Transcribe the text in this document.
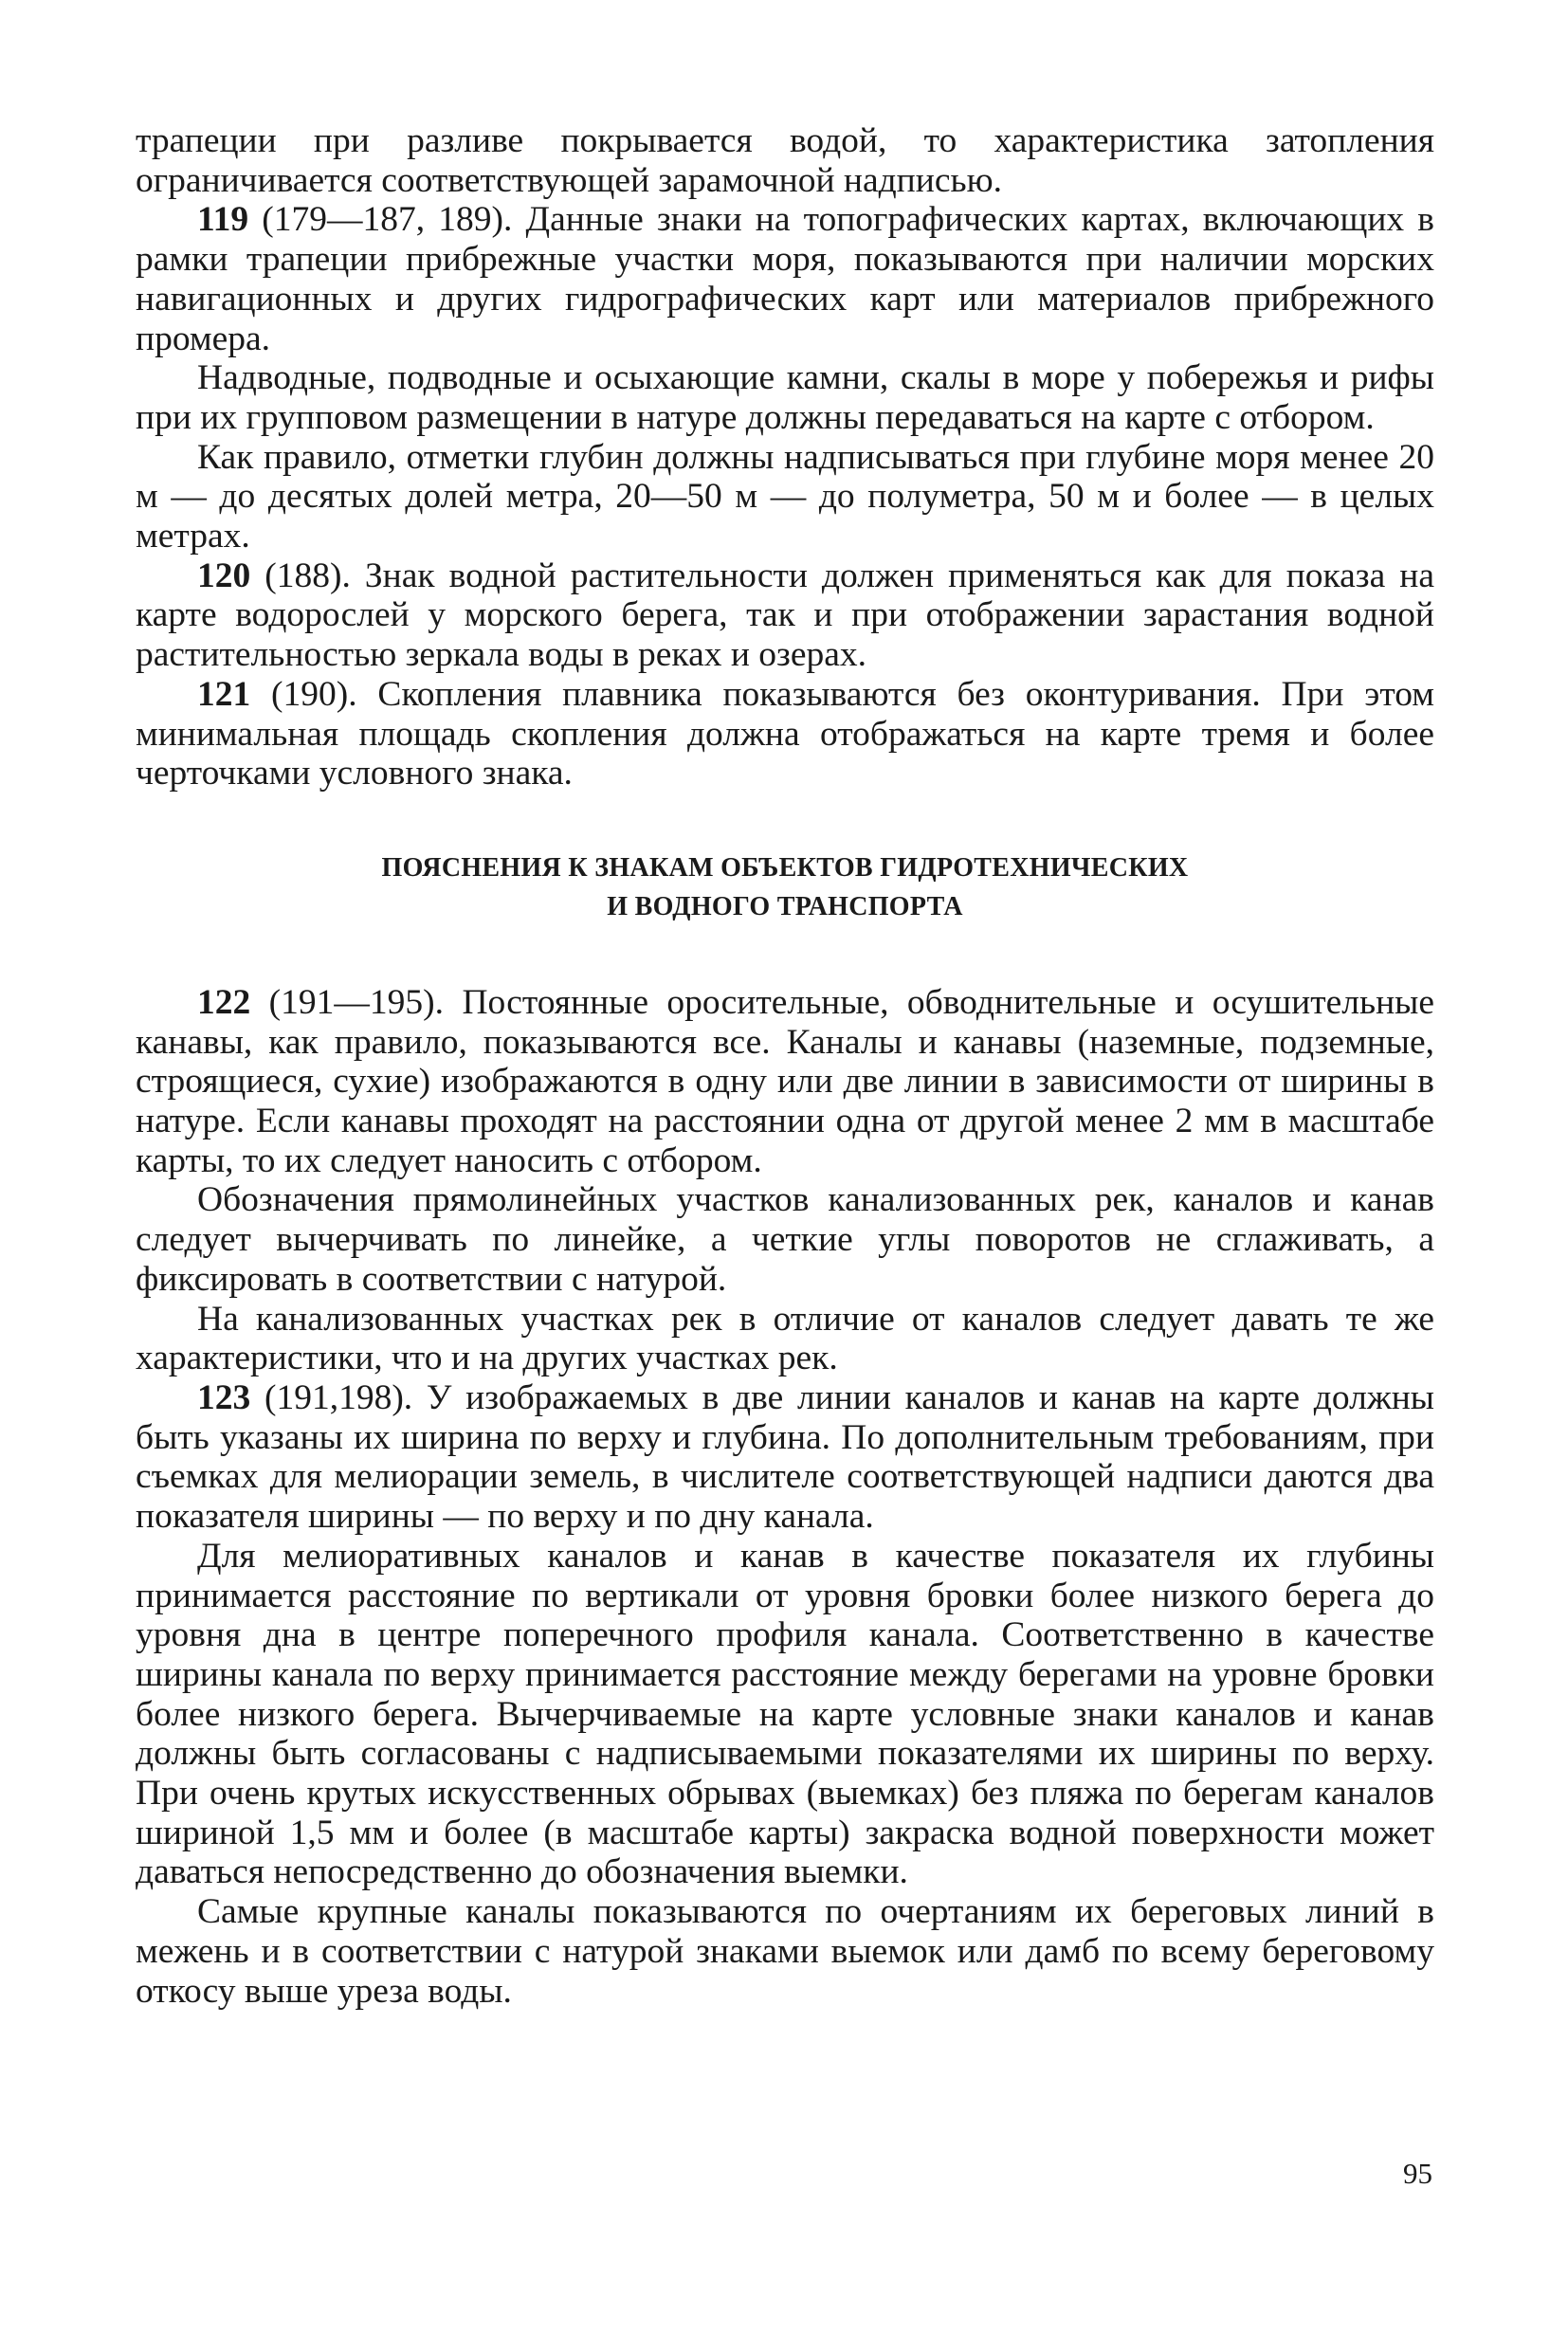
трапеции при разливе покрывается водой, то характеристика затопления ограничивается соответствующей зарамочной надписью.

119 (179—187, 189). Данные знаки на топографических картах, включающих в рамки трапеции прибрежные участки моря, показываются при наличии морских навигационных и других гидрографических карт или материалов прибрежного промера.

Надводные, подводные и осыхающие камни, скалы в море у побережья и рифы при их групповом размещении в натуре должны передаваться на карте с отбором.

Как правило, отметки глубин должны надписываться при глубине моря менее 20 м — до десятых долей метра, 20—50 м — до полуметра, 50 м и более — в целых метрах.

120 (188). Знак водной растительности должен применяться как для показа на карте водорослей у морского берега, так и при отображении зарастания водной растительностью зеркала воды в реках и озерах.

121 (190). Скопления плавника показываются без оконтуривания. При этом минимальная площадь скопления должна отображаться на карте тремя и более черточками условного знака.

ПОЯСНЕНИЯ К ЗНАКАМ ОБЪЕКТОВ ГИДРОТЕХНИЧЕСКИХ
И ВОДНОГО ТРАНСПОРТА

122 (191—195). Постоянные оросительные, обводнительные и осушительные канавы, как правило, показываются все. Каналы и канавы (наземные, подземные, строящиеся, сухие) изображаются в одну или две линии в зависимости от ширины в натуре. Если канавы проходят на расстоянии одна от другой менее 2 мм в масштабе карты, то их следует наносить с отбором.

Обозначения прямолинейных участков канализованных рек, каналов и канав следует вычерчивать по линейке, а четкие углы поворотов не сглаживать, а фиксировать в соответствии с натурой.

На канализованных участках рек в отличие от каналов следует давать те же характеристики, что и на других участках рек.

123 (191,198). У изображаемых в две линии каналов и канав на карте должны быть указаны их ширина по верху и глубина. По дополнительным требованиям, при съемках для мелиорации земель, в числителе соответствующей надписи даются два показателя ширины — по верху и по дну канала.

Для мелиоративных каналов и канав в качестве показателя их глубины принимается расстояние по вертикали от уровня бровки более низкого берега до уровня дна в центре поперечного профиля канала. Соответственно в качестве ширины канала по верху принимается расстояние между берегами на уровне бровки более низкого берега. Вычерчиваемые на карте условные знаки каналов и канав должны быть согласованы с надписываемыми показателями их ширины по верху. При очень крутых искусственных обрывах (выемках) без пляжа по берегам каналов шириной 1,5 мм и более (в масштабе карты) закраска водной поверхности может даваться непосредственно до обозначения выемки.

Самые крупные каналы показываются по очертаниям их береговых линий в межень и в соответствии с натурой знаками выемок или дамб по всему береговому откосу выше уреза воды.

95
